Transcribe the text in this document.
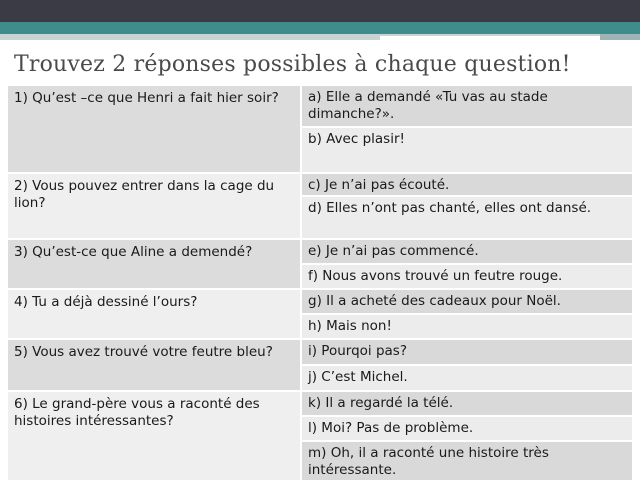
Trouvez 2 réponses possibles à chaque question!
1) Qu’est –ce que Henri a fait hier soir?
2) Vous pouvez entrer dans la cage du lion?
3) Qu’est-ce que Aline a demendé?
4) Tu a déjà dessiné l’ours?
5) Vous avez trouvé votre feutre bleu?
6) Le grand-père vous a raconté des histoires intéressantes?
a) Elle a demandé «Tu vas au stade dimanche?».
b) Avec plasir!
c) Je n’ai pas écouté.
d) Elles n’ont pas chanté, elles ont dansé.
e) Je n’ai pas commencé.
f) Nous avons trouvé un feutre rouge.
g) Il a acheté des cadeaux pour Noël.
h) Mais non!
i) Pourqoi pas?
j) C’est Michel.
k) Il a regardé la télé.
l) Moi? Pas de problème.
m) Oh, il a raconté une histoire très intéressante.
